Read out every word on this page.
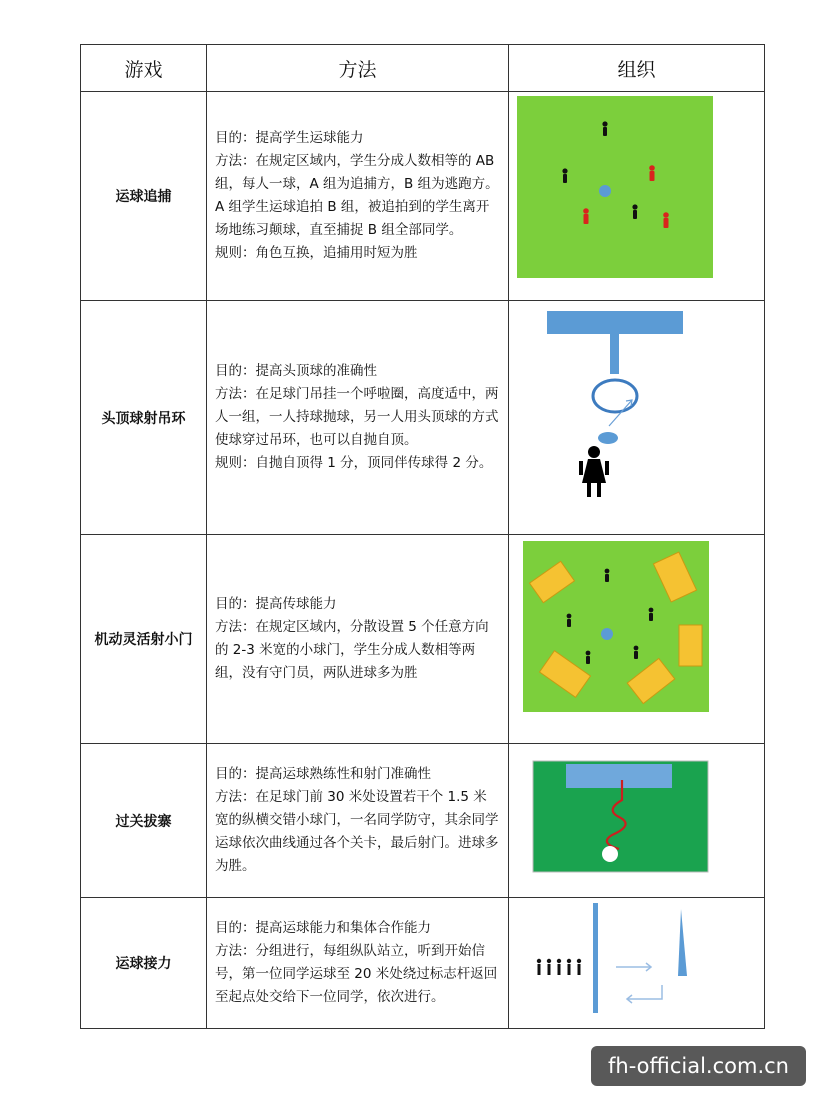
游戏	方法	组织
运球追捕	目的：提高学生运球能力

方法：在规定区域内，学生分成人数相等的 AB 组，每人一球，A 组为追捕方，B 组为逃跑方。A 组学生运球追拍 B 组，被追拍到的学生离开场地练习颠球，直至捕捉 B 组全部同学。

规则：角色互换，追捕用时短为胜

头顶球射吊环	目的：提高头顶球的准确性

方法：在足球门吊挂一个呼啦圈，高度适中，两人一组，一人持球抛球，另一人用头顶球的方式使球穿过吊环，也可以自抛自顶。

规则：自抛自顶得 1 分，顶同伴传球得 2 分。

机动灵活射小门	目的：提高传球能力

方法：在规定区域内，分散设置 5 个任意方向的 2-3 米宽的小球门，学生分成人数相等两组，没有守门员，两队进球多为胜

过关拔寨	目的：提高运球熟练性和射门准确性

方法：在足球门前 30 米处设置若干个 1.5 米宽的纵横交错小球门，一名同学防守，其余同学运球依次曲线通过各个关卡，最后射门。进球多为胜。

运球接力	目的：提高运球能力和集体合作能力

方法：分组进行，每组纵队站立，听到开始信号，第一位同学运球至 20 米处绕过标志杆返回至起点处交给下一位同学，依次进行。

fh-official.com.cn
